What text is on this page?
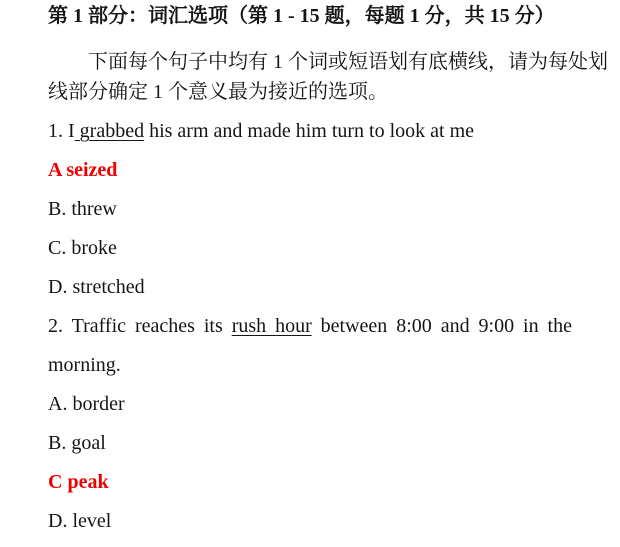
第 1 部分：词汇选项（第 1 - 15 题，每题 1 分，共 15 分）
下面每个句子中均有 1 个词或短语划有底横线，请为每处划
线部分确定 1 个意义最为接近的选项。
1. I grabbed his arm and made him turn to look at me
A seized
B. threw
C. broke
D. stretched
2. Traffic reaches its rush hour between 8:00 and 9:00 in the
morning.
A. border
B. goal
C peak
D. level
